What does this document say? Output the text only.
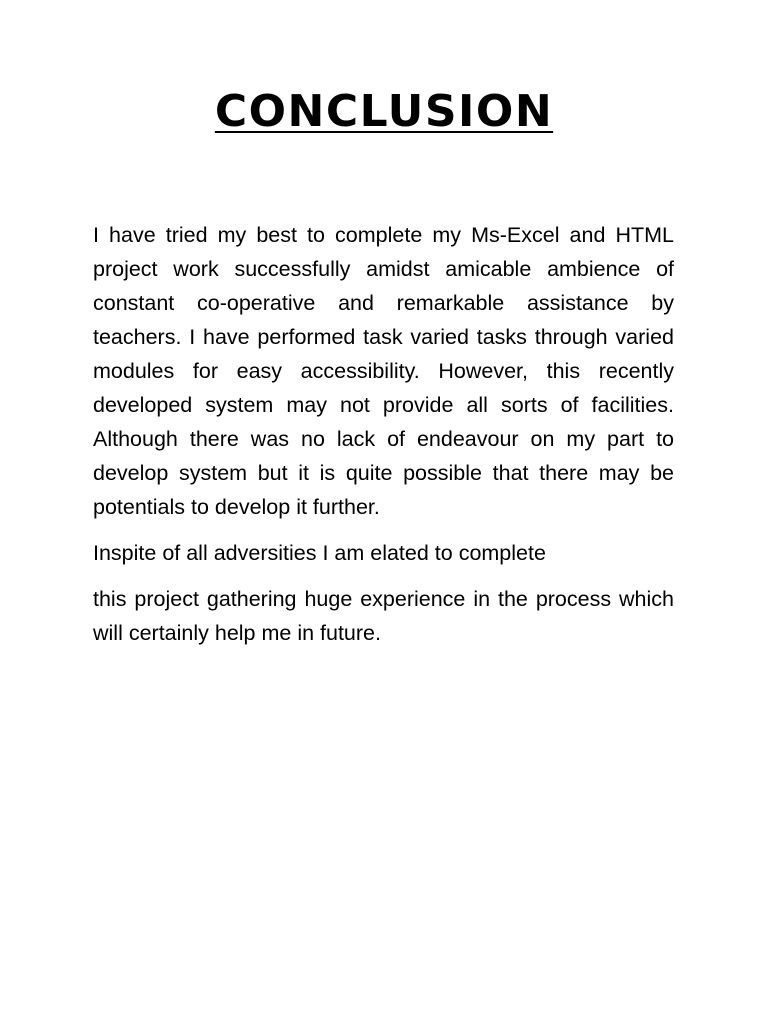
CONCLUSION

I have tried my best to complete my Ms-Excel and HTML project work successfully amidst amicable ambience of constant co-operative and remarkable assistance by teachers. I have performed task varied tasks through varied modules for easy accessibility. However, this recently developed system may not provide all sorts of facilities. Although there was no lack of endeavour on my part to develop system but it is quite possible that there may be potentials to develop it further.

Inspite of all adversities I am elated to complete

this project gathering huge experience in the process which will certainly help me in future.
